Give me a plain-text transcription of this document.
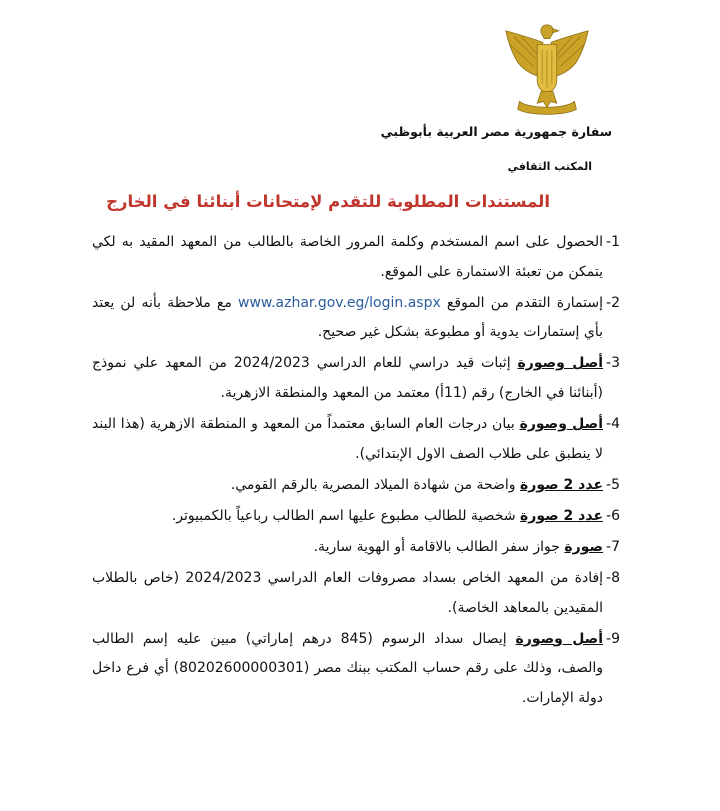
سفارة جمهورية مصر العربية بأبوظبي
المكتب الثقافي
المستندات المطلوبة للتقدم لإمتحانات أبنائنا في الخارج
1-
الحصول على اسم المستخدم وكلمة المرور الخاصة بالطالب من المعهد المقيد به لكي يتمكن من تعبئة الاستمارة على الموقع.
2-
إستمارة التقدم من الموقع www.azhar.gov.eg/login.aspx مع ملاحظة بأنه لن يعتد بأي إستمارات يدوية أو مطبوعة بشكل غير صحيح.
3-
أصل وصورة إثبات قيد دراسي للعام الدراسي 2024/2023 من المعهد علي نموذج (أبنائنا في الخارج) رقم (11أ) معتمد من المعهد والمنطقة الازهرية.
4-
أصل وصورة بيان درجات العام السابق معتمداً من المعهد و المنطقة الازهرية (هذا البند لا ينطبق على طلاب الصف الاول الإبتدائي).
5-
عدد 2 صورة واضحة من شهادة الميلاد المصرية بالرقم القومي.
6-
عدد 2 صورة شخصية للطالب مطبوع عليها اسم الطالب رباعياً بالكمبيوتر.
7-
صورة جواز سفر الطالب بالاقامة أو الهوية سارية.
8-
إفادة من المعهد الخاص بسداد مصروفات العام الدراسي 2024/2023 (خاص بالطلاب المقيدين بالمعاهد الخاصة).
9-
أصل وصورة إيصال سداد الرسوم (845 درهم إماراتي) مبين عليه إسم الطالب والصف، وذلك على رقم حساب المكتب ببنك مصر (80202600000301) أي فرع داخل دولة الإمارات.
